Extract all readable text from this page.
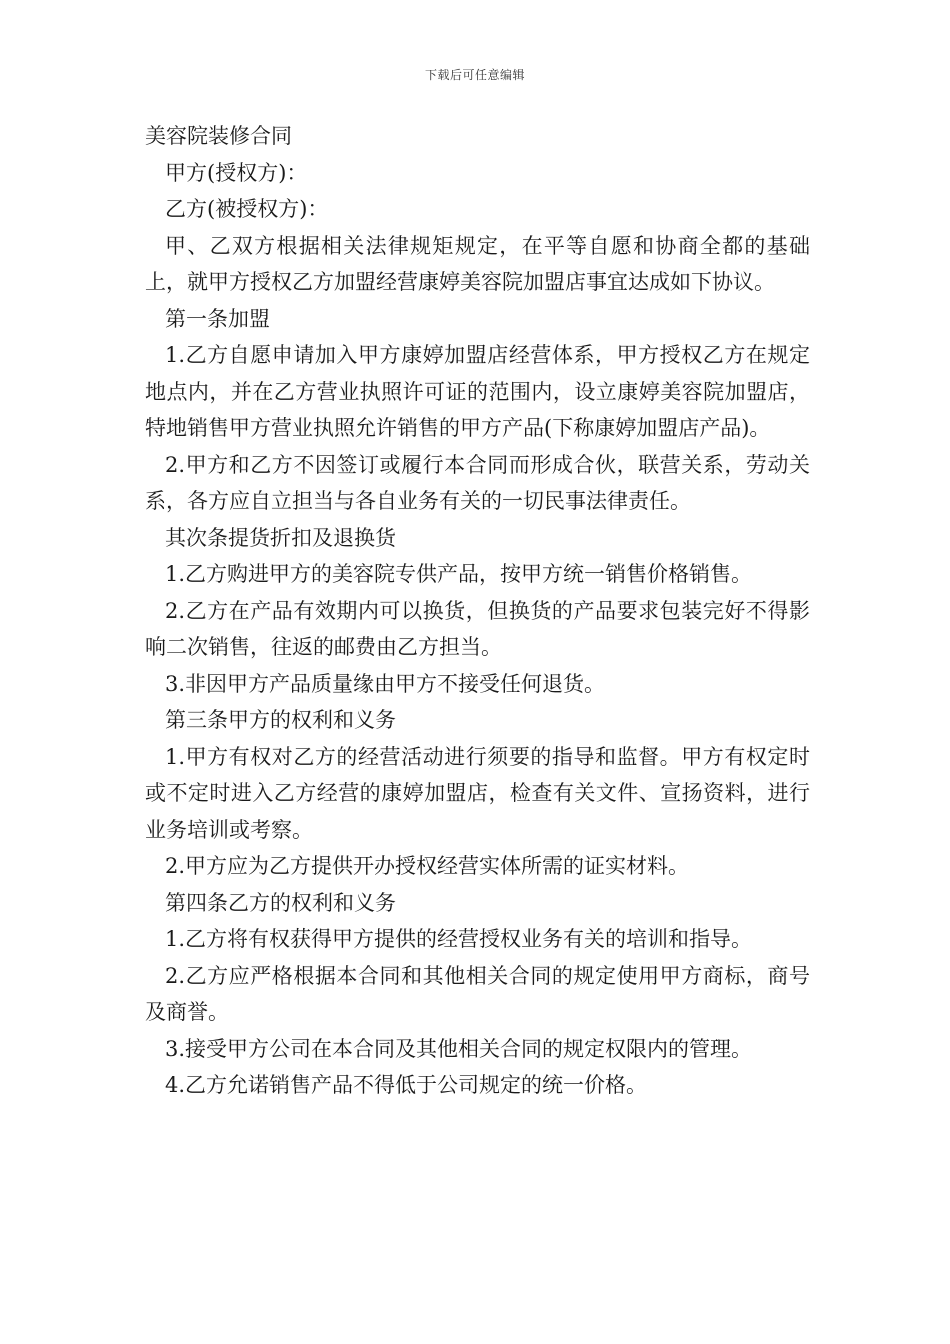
下载后可任意编辑

美容院装修合同

甲方(授权方)：

乙方(被授权方)：

甲、乙双方根据相关法律规矩规定，在平等自愿和协商全都的基础上，就甲方授权乙方加盟经营康婷美容院加盟店事宜达成如下协议。

第一条加盟

1.乙方自愿申请加入甲方康婷加盟店经营体系，甲方授权乙方在规定地点内，并在乙方营业执照许可证的范围内，设立康婷美容院加盟店，特地销售甲方营业执照允许销售的甲方产品(下称康婷加盟店产品)。

2.甲方和乙方不因签订或履行本合同而形成合伙，联营关系，劳动关系，各方应自立担当与各自业务有关的一切民事法律责任。

其次条提货折扣及退换货

1.乙方购进甲方的美容院专供产品，按甲方统一销售价格销售。

2.乙方在产品有效期内可以换货，但换货的产品要求包装完好不得影响二次销售，往返的邮费由乙方担当。

3.非因甲方产品质量缘由甲方不接受任何退货。

第三条甲方的权利和义务

1.甲方有权对乙方的经营活动进行须要的指导和监督。甲方有权定时或不定时进入乙方经营的康婷加盟店，检查有关文件、宣扬资料，进行业务培训或考察。

2.甲方应为乙方提供开办授权经营实体所需的证实材料。

第四条乙方的权利和义务

1.乙方将有权获得甲方提供的经营授权业务有关的培训和指导。

2.乙方应严格根据本合同和其他相关合同的规定使用甲方商标，商号及商誉。

3.接受甲方公司在本合同及其他相关合同的规定权限内的管理。

4.乙方允诺销售产品不得低于公司规定的统一价格。
